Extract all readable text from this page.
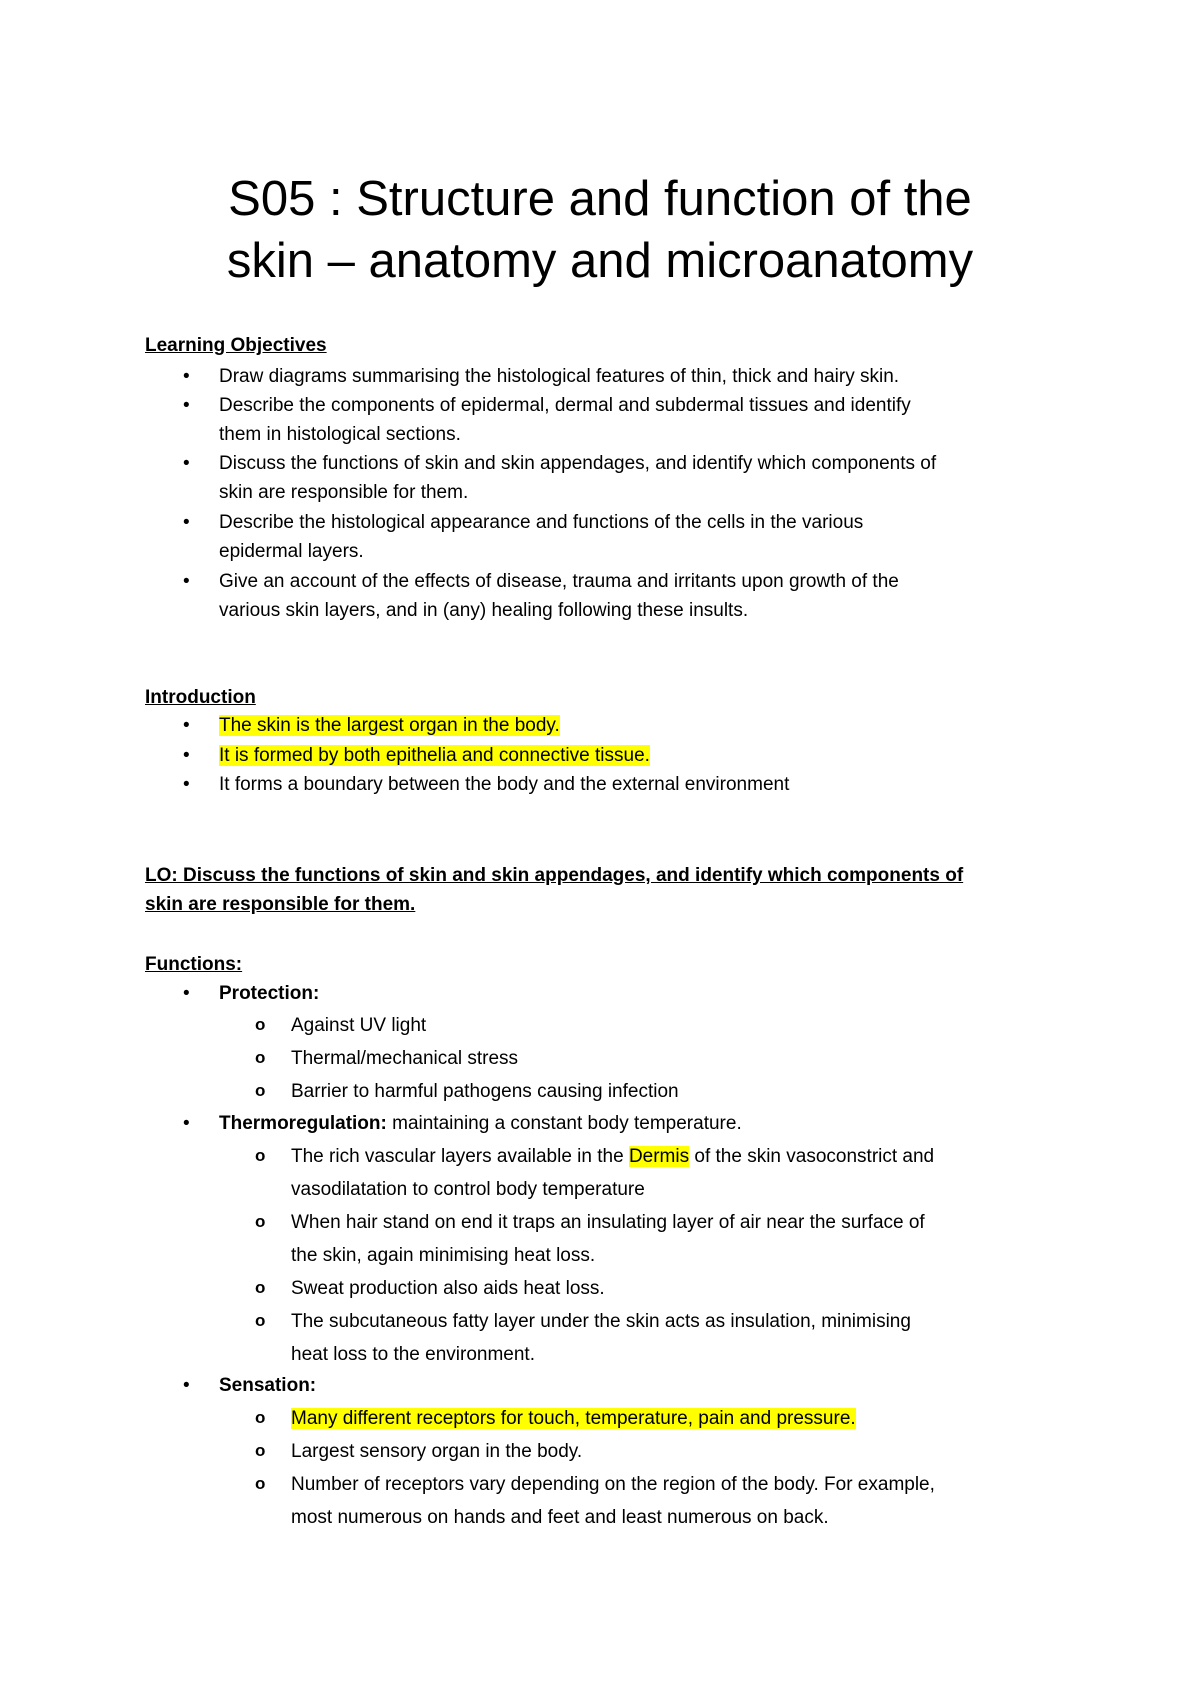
S05 : Structure and function of the
skin – anatomy and microanatomy
Learning Objectives
• Draw diagrams summarising the histological features of thin, thick and hairy skin.
• Describe the components of epidermal, dermal and subdermal tissues and identify
them in histological sections.
• Discuss the functions of skin and skin appendages, and identify which components of
skin are responsible for them.
• Describe the histological appearance and functions of the cells in the various
epidermal layers.
• Give an account of the effects of disease, trauma and irritants upon growth of the
various skin layers, and in (any) healing following these insults.
Introduction
• The skin is the largest organ in the body.
• It is formed by both epithelia and connective tissue.
• It forms a boundary between the body and the external environment
LO: Discuss the functions of skin and skin appendages, and identify which components of
skin are responsible for them.
Functions:
• Protection:
o Against UV light
o Thermal/mechanical stress
o Barrier to harmful pathogens causing infection
• Thermoregulation: maintaining a constant body temperature.
o The rich vascular layers available in the Dermis of the skin vasoconstrict and
vasodilatation to control body temperature
o When hair stand on end it traps an insulating layer of air near the surface of
the skin, again minimising heat loss.
o Sweat production also aids heat loss.
o The subcutaneous fatty layer under the skin acts as insulation, minimising
heat loss to the environment.
• Sensation:
o Many different receptors for touch, temperature, pain and pressure.
o Largest sensory organ in the body.
o Number of receptors vary depending on the region of the body. For example,
most numerous on hands and feet and least numerous on back.
